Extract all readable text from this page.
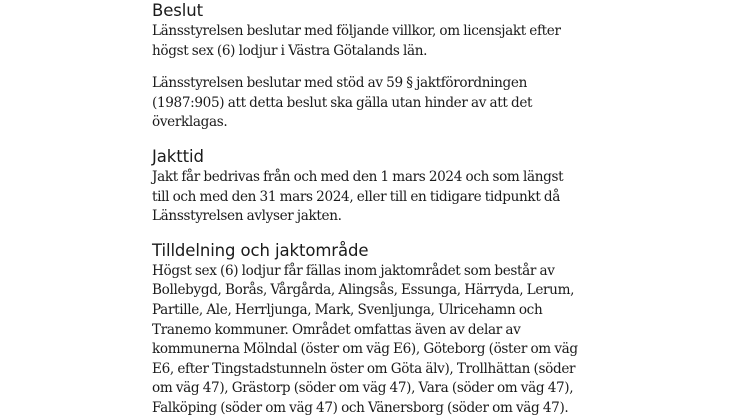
Beslut

Länsstyrelsen beslutar med följande villkor, om licensjakt efter
högst sex (6) lodjur i Västra Götalands län.

Länsstyrelsen beslutar med stöd av 59 § jaktförordningen
(1987:905) att detta beslut ska gälla utan hinder av att det
överklagas.

Jakttid

Jakt får bedrivas från och med den 1 mars 2024 och som längst
till och med den 31 mars 2024, eller till en tidigare tidpunkt då
Länsstyrelsen avlyser jakten.

Tilldelning och jaktområde

Högst sex (6) lodjur får fällas inom jaktområdet som består av
Bollebygd, Borås, Vårgårda, Alingsås, Essunga, Härryda, Lerum,
Partille, Ale, Herrljunga, Mark, Svenljunga, Ulricehamn och
Tranemo kommuner. Området omfattas även av delar av
kommunerna Mölndal (öster om väg E6), Göteborg (öster om väg
E6, efter Tingstadstunneln öster om Göta älv), Trollhättan (söder
om väg 47), Grästorp (söder om väg 47), Vara (söder om väg 47),
Falköping (söder om väg 47) och Vänersborg (söder om väg 47).
